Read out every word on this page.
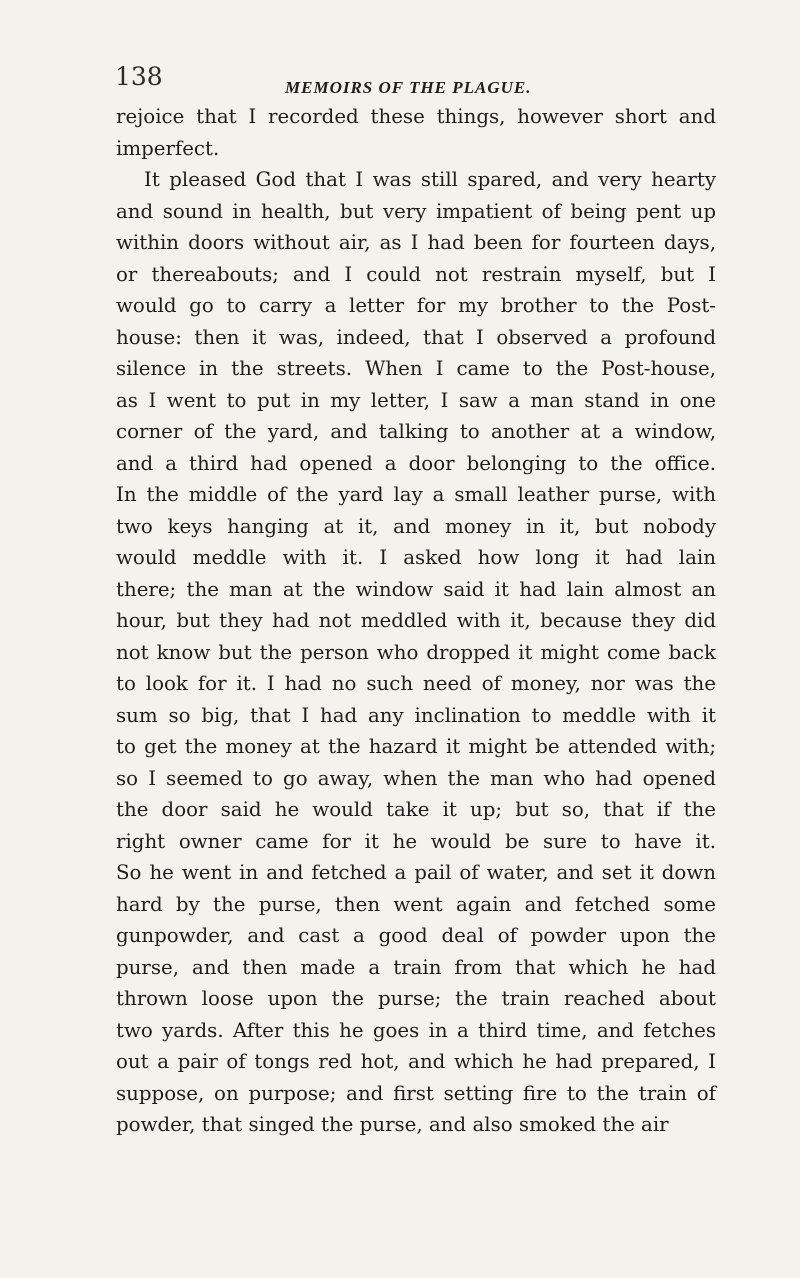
138	MEMOIRS OF THE PLAGUE.
rejoice that I recorded these things, however short and
imperfect.
It pleased God that I was still spared, and very hearty
and sound in health, but very impatient of being pent up
within doors without air, as I had been for fourteen days,
or thereabouts; and I could not restrain myself, but I
would go to carry a letter for my brother to the Post-
house: then it was, indeed, that I observed a profound
silence in the streets. When I came to the Post-house,
as I went to put in my letter, I saw a man stand in one
corner of the yard, and talking to another at a window,
and a third had opened a door belonging to the office.
In the middle of the yard lay a small leather purse, with
two keys hanging at it, and money in it, but nobody
would meddle with it. I asked how long it had lain
there; the man at the window said it had lain almost an
hour, but they had not meddled with it, because they did
not know but the person who dropped it might come back
to look for it. I had no such need of money, nor was the
sum so big, that I had any inclination to meddle with it
to get the money at the hazard it might be attended with;
so I seemed to go away, when the man who had opened
the door said he would take it up; but so, that if the
right owner came for it he would be sure to have it.
So he went in and fetched a pail of water, and set it down
hard by the purse, then went again and fetched some
gunpowder, and cast a good deal of powder upon the
purse, and then made a train from that which he had
thrown loose upon the purse; the train reached about
two yards. After this he goes in a third time, and fetches
out a pair of tongs red hot, and which he had prepared, I
suppose, on purpose; and first setting fire to the train of
powder, that singed the purse, and also smoked the air
